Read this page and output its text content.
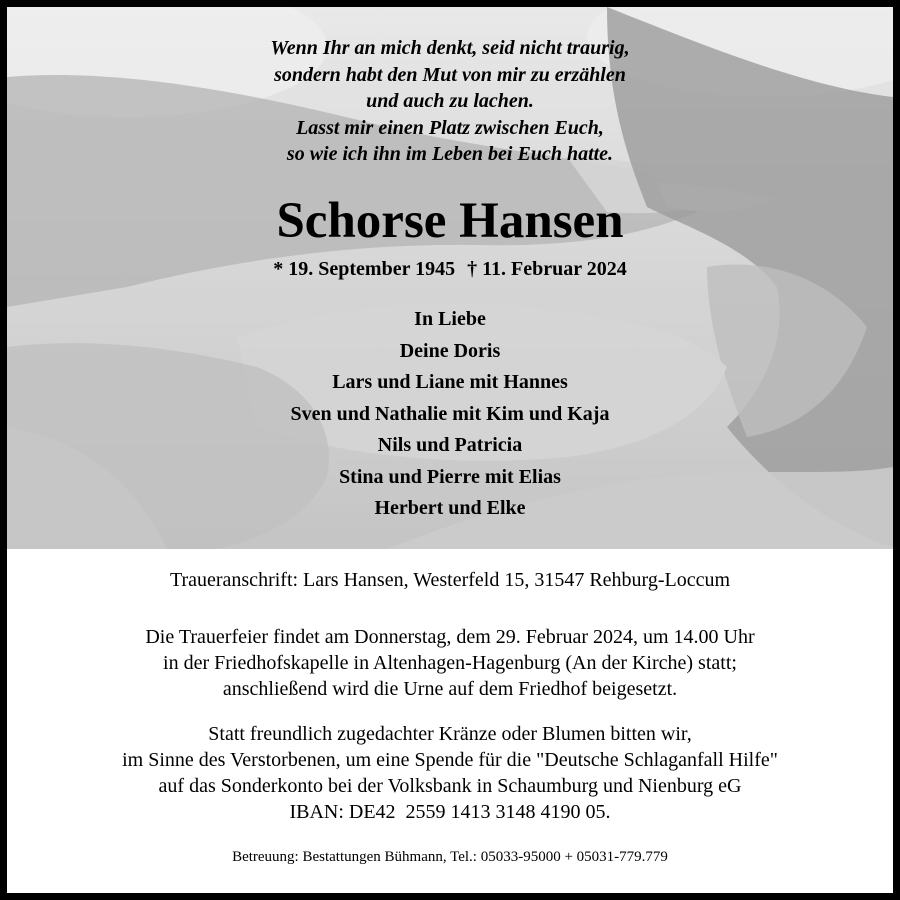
Wenn Ihr an mich denkt, seid nicht traurig,
sondern habt den Mut von mir zu erzählen
und auch zu lachen.
Lasst mir einen Platz zwischen Euch,
so wie ich ihn im Leben bei Euch hatte.
Schorse Hansen
* 19. September 1945 † 11. Februar 2024
In Liebe
Deine Doris
Lars und Liane mit Hannes
Sven und Nathalie mit Kim und Kaja
Nils und Patricia
Stina und Pierre mit Elias
Herbert und Elke
Traueranschrift: Lars Hansen, Westerfeld 15, 31547 Rehburg-Loccum
Die Trauerfeier findet am Donnerstag, dem 29. Februar 2024, um 14.00 Uhr
in der Friedhofskapelle in Altenhagen-Hagenburg (An der Kirche) statt;
anschließend wird die Urne auf dem Friedhof beigesetzt.
Statt freundlich zugedachter Kränze oder Blumen bitten wir,
im Sinne des Verstorbenen, um eine Spende für die "Deutsche Schlaganfall Hilfe"
auf das Sonderkonto bei der Volksbank in Schaumburg und Nienburg eG
IBAN: DE42  2559 1413 3148 4190 05.
Betreuung: Bestattungen Bühmann, Tel.: 05033-95000 + 05031-779.779
